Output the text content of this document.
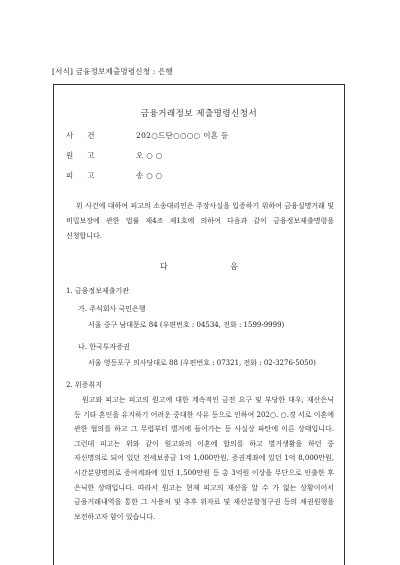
[서식] 금융정보제출명령신청 : 은행
금융거래정보 제출명령신청서
사건	202○드단○○○○ 이혼 등
원고	오 ○ ○
피고	송 ○ ○
위 사건에 대하여 피고의 소송대리인은 주장사실을 입증하기 위하여 금융실명거래 및 비밀보장에 관한 법률 제4조 제1호에 의하여 다음과 같이 금융정보제출명령을 신청합니다.
다 음
1. 금융정보제출기관
가. 주식회사 국민은행
서울 중구 남대문로 84 (우편번호 : 04534, 전화 : 1599-9999)
나. 한국투자증권
서울 영등포구 의사당대로 88 (우편번호 : 07321, 전화 : 02-3276-5050)
2. 위증취지
원고와 피고는 피고의 원고에 대한 계속적인 금전 요구 및 부당한 대우, 재산은닉 등 기타 혼인을 유지하기 어려운 중대한 사유 등으로 인하여 202○. ○.경 서로 이혼에 관한 협의를 하고 그 무렵부터 별거에 들어가는 등 사실상 파탄에 이른 상태입니다. 그런데 피고는 위와 같이 원고와의 이혼에 합의를 하고 별거생활을 하던 중 자신명의로 되어 있던 전세보증금 1억 1,000만원, 증권계좌에 있던 1억 8,000만원, 시간분양명의로 증여계좌에 있던 1,500만원 등 총 3억원 이상을 무단으로 인출한 후 은닉한 상태입니다. 따라서 원고는 현재 피고의 재산을 알 수 가 없는 상황이어서 금융거래내역을 통한 그 사용처 및 추후 위자료 및 재산분할청구권 등의 채권원행을 보전하고자 함이 있습니다.
